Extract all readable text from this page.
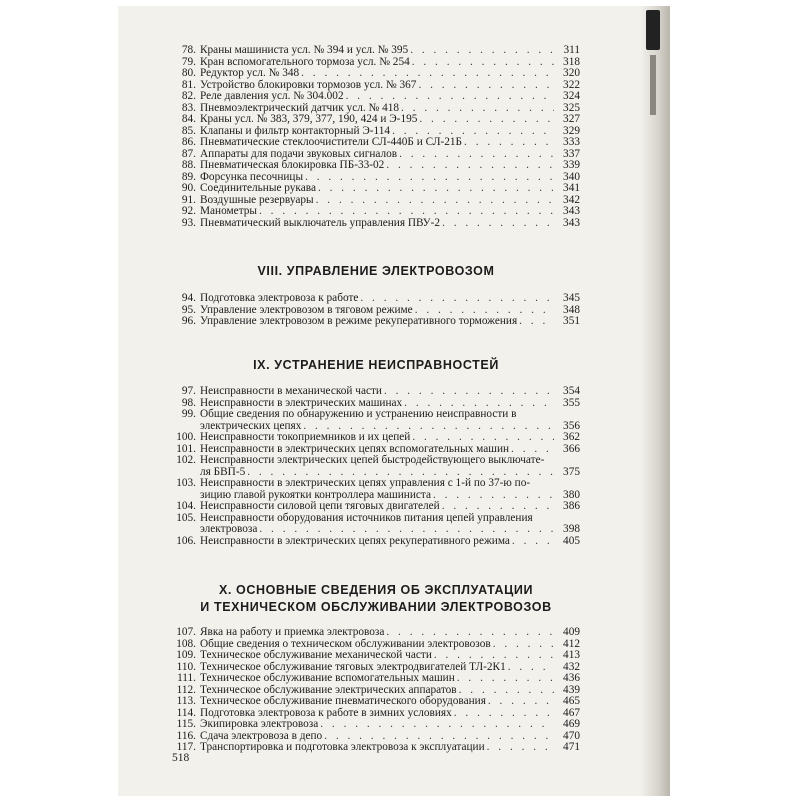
78. Краны машиниста усл. № 394 и усл. № 395 . . .	311
79. Кран вспомогательного тормоза усл. № 254 . . .	318
80. Редуктор усл. № 348 . . .	320
81. Устройство блокировки тормозов усл. № 367 . . .	322
82. Реле давления усл. № 304.002 . . .	324
83. Пневмоэлектрический датчик усл. № 418 . . .	325
84. Краны усл. № 383, 379, 377, 190, 424 и Э-195 . . .	327
85. Клапаны и фильтр контакторный Э-114 . . .	329
86. Пневматические стеклоочистители СЛ-440Б и СЛ-21Б . . .	333
87. Аппараты для подачи звуковых сигналов . . .	337
88. Пневматическая блокировка ПБ-33-02 . . .	339
89. Форсунка песочницы . . .	340
90. Соединительные рукава . . .	341
91. Воздушные резервуары . . .	342
92. Манометры . . .	343
93. Пневматический выключатель управления ПВУ-2 . . .	343
VIII. УПРАВЛЕНИЕ ЭЛЕКТРОВОЗОМ
94. Подготовка электровоза к работе . . .	345
95. Управление электровозом в тяговом режиме . . .	348
96. Управление электровозом в режиме рекуперативного торможения . . .	351
IX. УСТРАНЕНИЕ НЕИСПРАВНОСТЕЙ
97. Неисправности в механической части . . .	354
98. Неисправности в электрических машинах . . .	355
99. Общие сведения по обнаружению и устранению неисправности в
электрических цепях . . .	356
100. Неисправности токоприемников и их цепей . . .	362
101. Неисправности в электрических цепях вспомогательных машин . . .	366
102. Неисправности электрических цепей быстродействующего выключате-
ля БВП-5 . . .	375
103. Неисправности в электрических цепях управления с 1-й по 37-ю по-
зицию главой рукоятки контроллера машиниста . . .	380
104. Неисправности силовой цепи тяговых двигателей . . .	386
105. Неисправности оборудования источников питания цепей управления
электровоза . . .	398
106. Неисправности в электрических цепях рекуперативного режима . . .	405
X. ОСНОВНЫЕ СВЕДЕНИЯ ОБ ЭКСПЛУАТАЦИИ
И ТЕХНИЧЕСКОМ ОБСЛУЖИВАНИИ ЭЛЕКТРОВОЗОВ
107. Явка на работу и приемка электровоза . . .	409
108. Общие сведения о техническом обслуживании электровозов . . .	412
109. Техническое обслуживание механической части . . .	413
110. Техническое обслуживание тяговых электродвигателей ТЛ-2К1 . . .	432
111. Техническое обслуживание вспомогательных машин . . .	436
112. Техническое обслуживание электрических аппаратов . . .	439
113. Техническое обслуживание пневматического оборудования . . .	465
114. Подготовка электровоза к работе в зимних условиях . . .	467
115. Экипировка электровоза . . .	469
116. Сдача электровоза в депо . . .	470
117. Транспортировка и подготовка электровоза к эксплуатации . . .	471
518
